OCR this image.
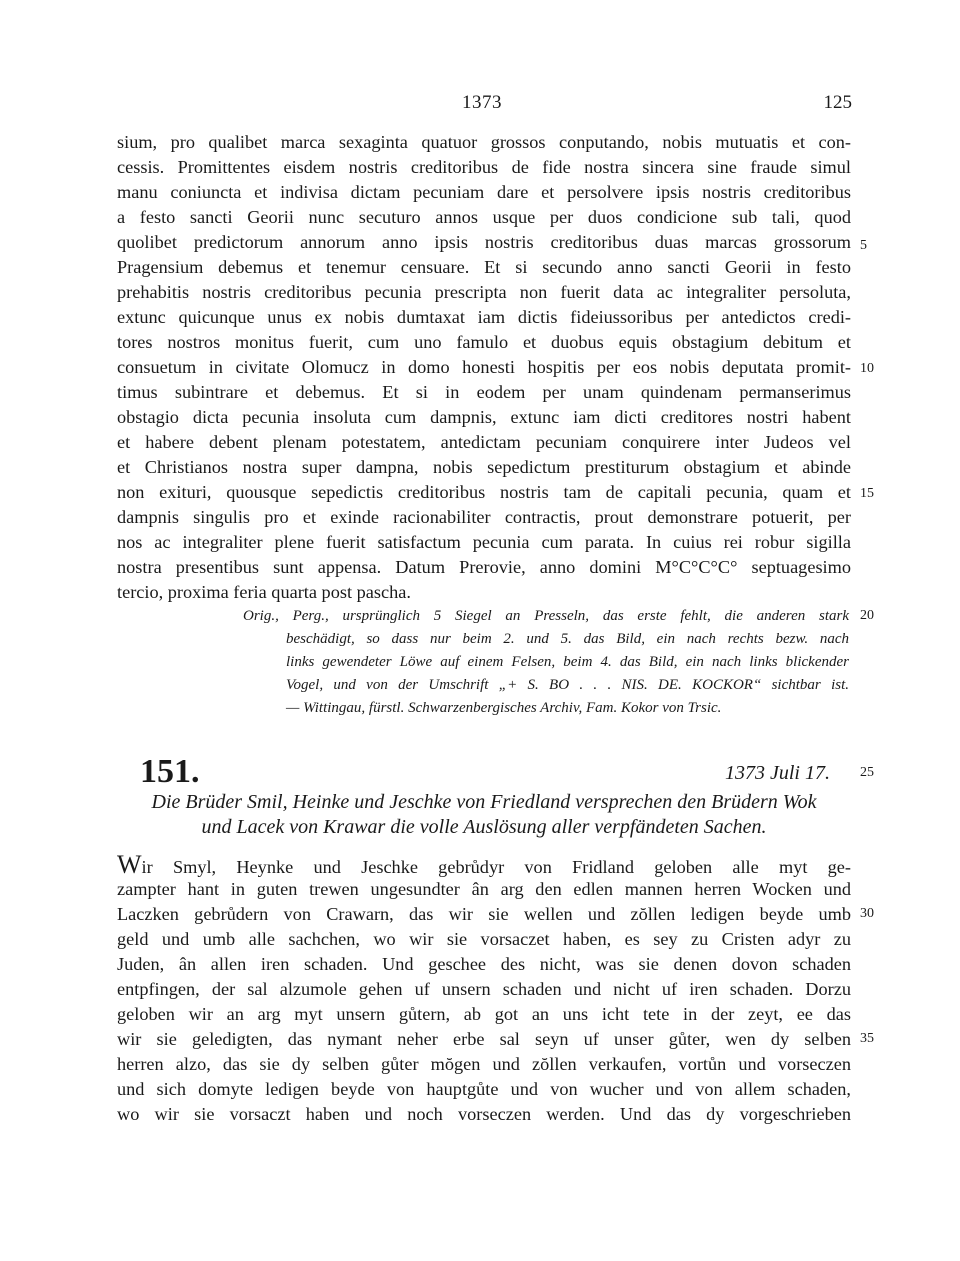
1373	125
sium, pro qualibet marca sexaginta quatuor grossos conputando, nobis mutuatis et con-
cessis. Promittentes eisdem nostris creditoribus de fide nostra sincera sine fraude simul
manu coniuncta et indivisa dictam pecuniam dare et persolvere ipsis nostris creditoribus
a festo sancti Georii nunc secuturo annos usque per duos condicione sub tali, quod
quolibet predictorum annorum anno ipsis nostris creditoribus duas marcas grossorum 5
Pragensium debemus et tenemur censuare. Et si secundo anno sancti Georii in festo
prehabitis nostris creditoribus pecunia prescripta non fuerit data ac integraliter persoluta,
extunc quicunque unus ex nobis dumtaxat iam dictis fideiussoribus per antedictos credi-
tores nostros monitus fuerit, cum uno famulo et duobus equis obstagium debitum et
consuetum in civitate Olomucz in domo honesti hospitis per eos nobis deputata promit- 10
timus subintrare et debemus. Et si in eodem per unam quindenam permanserimus
obstagio dicta pecunia insoluta cum dampnis, extunc iam dicti creditores nostri habent
et habere debent plenam potestatem, antedictam pecuniam conquirere inter Judeos vel
et Christianos nostra super dampna, nobis sepedictum prestiturum obstagium et abinde
non exituri, quousque sepedictis creditoribus nostris tam de capitali pecunia, quam et 15
dampnis singulis pro et exinde racionabiliter contractis, prout demonstrare potuerit, per
nos ac integraliter plene fuerit satisfactum pecunia cum parata. In cuius rei robur sigilla
nostra presentibus sunt appensa. Datum Prerovie, anno domini M°C°C°C° septuagesimo
tercio, proxima feria quarta post pascha.
Orig., Perg., ursprünglich 5 Siegel an Presseln, das erste fehlt, die anderen stark 20
beschädigt, so dass nur beim 2. und 5. das Bild, ein nach rechts bezw. nach
links gewendeter Löwe auf einem Felsen, beim 4. das Bild, ein nach links blickender
Vogel, und von der Umschrift „+ S. BO . . . NIS. DE. KOCKOR“ sichtbar ist.
— Wittingau, fürstl. Schwarzenbergisches Archiv, Fam. Kokor von Trsic.
151.	1373 Juli 17. 25
Die Brüder Smil, Heinke und Jeschke von Friedland versprechen den Brüdern Wok
und Lacek von Krawar die volle Auslösung aller verpfändeten Sachen.
Wir Smyl, Heynke und Jeschke gebrůdyr von Fridland geloben alle myt ge-
zampter hant in guten trewen ungesundter ân arg den edlen mannen herren Wocken und
Laczken gebrůdern von Crawarn, das wir sie wellen und zŏllen ledigen beyde umb 30
geld und umb alle sachchen, wo wir sie vorsaczet haben, es sey zu Cristen adyr zu
Juden, ân allen iren schaden. Und geschee des nicht, was sie denen dovon schaden
entpfingen, der sal alzumole gehen uf unsern schaden und nicht uf iren schaden. Dorzu
geloben wir an arg myt unsern gůtern, ab got an uns icht tete in der zeyt, ee das
wir sie geledigten, das nymant neher erbe sal seyn uf unser gůter, wen dy selben 35
herren alzo, das sie dy selben gůter mŏgen und zŏllen verkaufen, vortůn und vorseczen
und sich domyte ledigen beyde von hauptgůte und von wucher und von allem schaden,
wo wir sie vorsaczt haben und noch vorseczen werden. Und das dy vorgeschrieben
